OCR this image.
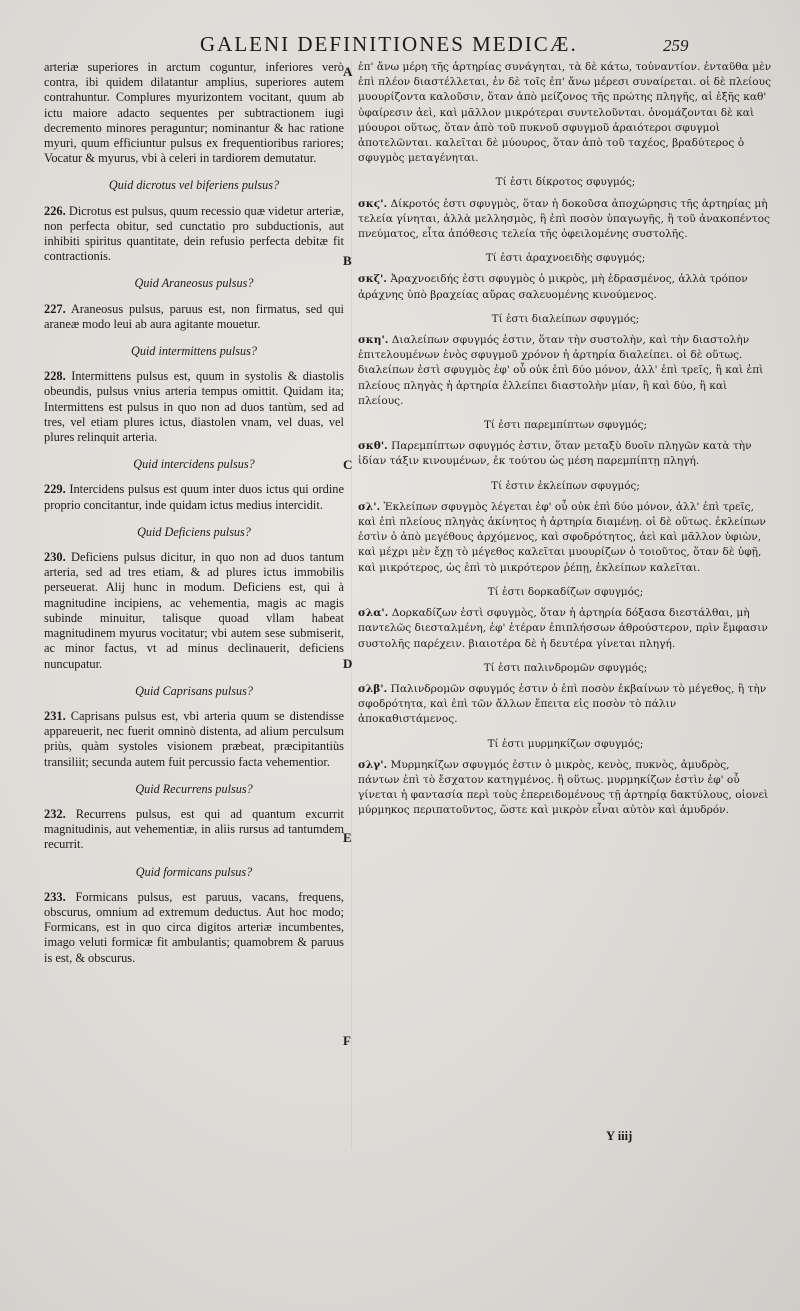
GALENI DEFINITIONES MEDICÆ.	259

arteriæ superiores in arctum coguntur, inferiores verò contra, ibi quidem dilatantur amplius, superiores autem contrahuntur. Complures myurizontem vocitant, quum ab ictu maiore adacto sequentes per subtractionem iugi decremento minores peraguntur; nominantur & hac ratione myuri, quum efficiuntur pulsus ex frequentioribus rariores; Vocatur & myurus, vbi à celeri in tardiorem demutatur.

Quid dicrotus vel biferiens pulsus?

226. Dicrotus est pulsus, quum recessio quæ videtur arteriæ, non perfecta obitur, sed cunctatio pro subductionis, aut inhibiti spiritus quantitate, dein refusio perfecta debitæ fit contractionis.

Quid Araneosus pulsus?

227. Araneosus pulsus, paruus est, non firmatus, sed qui araneæ modo leui ab aura agitante mouetur.

Quid intermittens pulsus?

228. Intermittens pulsus est, quum in systolis & diastolis obeundis, pulsus vnius arteria tempus omittit. Quidam ita; Intermittens est pulsus in quo non ad duos tantùm, sed ad tres, vel etiam plures ictus, diastolen vnam, vel duas, vel plures relinquit arteria.

Quid intercidens pulsus?

229. Intercidens pulsus est quum inter duos ictus qui ordine proprio concitantur, inde quidam ictus medius intercidit.

Quid Deficiens pulsus?

230. Deficiens pulsus dicitur, in quo non ad duos tantum arteria, sed ad tres etiam, & ad plures ictus immobilis perseuerat. Alij hunc in modum. Deficiens est, qui à magnitudine incipiens, ac vehementia, magis ac magis subinde minuitur, talisque quoad vllam habeat magnitudinem myurus vocitatur; vbi autem sese submiserit, ac minor factus, vt ad minus declinauerit, deficiens nuncupatur.

Quid Caprisans pulsus?

231. Caprisans pulsus est, vbi arteria quum se distendisse appareuerit, nec fuerit omninò distenta, ad alium perculsum priùs, quàm systoles visionem præbeat, præcipitantiùs transiliit; secunda autem fuit percussio facta vehementior.

Quid Recurrens pulsus?

232. Recurrens pulsus, est qui ad quantum excurrit magnitudinis, aut vehementiæ, in aliis rursus ad tantumdem recurrit.

Quid formicans pulsus?

233. Formicans pulsus, est paruus, vacans, frequens, obscurus, omnium ad extremum deductus. Aut hoc modo; Formicans, est in quo circa digitos arteriæ incumbentes, imago veluti formicæ fit ambulantis; quamobrem & paruus is est, & obscurus.

A
B
C
D
E
F

ἐπ' ἄνω μέρη τῆς ἀρτηρίας συνάγηται, τὰ δὲ κάτω, τοὐναντίον. ἐνταῦθα μὲν ἐπὶ πλέον διαστέλλεται, ἐν δὲ τοῖς ἐπ' ἄνω μέρεσι συναίρεται. οἱ δὲ πλείους μυουρίζοντα καλοῦσιν, ὅταν ἀπὸ μείζονος τῆς πρώτης πληγῆς, αἱ ἑξῆς καθ' ὑφαίρεσιν ἀεὶ, καὶ μᾶλλον μικρότεραι συντελοῦνται. ὀνομάζονται δὲ καὶ μύουροι οὕτως, ὅταν ἀπὸ τοῦ πυκνοῦ σφυγμοῦ ἀραιότεροι σφυγμοὶ ἀποτελῶνται. καλεῖται δὲ μύουρος, ὅταν ἀπὸ τοῦ ταχέος, βραδύτερος ὁ σφυγμὸς μεταγένηται.

Τί ἐστι δίκροτος σφυγμός;

σκϛ'. Δίκροτός ἐστι σφυγμὸς, ὅταν ἡ δοκοῦσα ἀποχώρησις τῆς ἀρτηρίας μὴ τελεία γίνηται, ἀλλὰ μελλησμὸς, ἢ ἐπὶ ποσὸν ὑπαγωγῆς, ἢ τοῦ ἀνακοπέντος πνεύματος, εἶτα ἀπόθεσις τελεία τῆς ὀφειλομένης συστολῆς.

Τί ἐστι ἀραχνοειδὴς σφυγμός;

σκζ'. Ἀραχνοειδής ἐστι σφυγμὸς ὁ μικρὸς, μὴ ἑδρασμένος, ἀλλὰ τρόπον ἀράχνης ὑπὸ βραχείας αὔρας σαλευομένης κινούμενος.

Τί ἐστι διαλείπων σφυγμός;

σκη'. Διαλείπων σφυγμός ἐστιν, ὅταν τὴν συστολὴν, καὶ τὴν διαστολὴν ἐπιτελουμένων ἑνὸς σφυγμοῦ χρόνον ἡ ἀρτηρία διαλείπει. οἱ δὲ οὕτως. διαλείπων ἐστὶ σφυγμὸς ἐφ' οὗ οὐκ ἐπὶ δύο μόνον, ἀλλ' ἐπὶ τρεῖς, ἢ καὶ ἐπὶ πλείους πληγὰς ἡ ἀρτηρία ἐλλείπει διαστολὴν μίαν, ἢ καὶ δύο, ἢ καὶ πλείους.

Τί ἐστι παρεμπίπτων σφυγμός;

σκθ'. Παρεμπίπτων σφυγμός ἐστιν, ὅταν μεταξὺ δυοῖν πληγῶν κατὰ τὴν ἰδίαν τάξιν κινουμένων, ἐκ τούτου ὡς μέση παρεμπίπτῃ πληγή.

Τί ἐστιν ἐκλείπων σφυγμός;

σλ'. Ἐκλείπων σφυγμὸς λέγεται ἐφ' οὗ οὐκ ἐπὶ δύο μόνον, ἀλλ' ἐπὶ τρεῖς, καὶ ἐπὶ πλείους πληγὰς ἀκίνητος ἡ ἀρτηρία διαμένῃ. οἱ δὲ οὕτως. ἐκλείπων ἐστὶν ὁ ἀπὸ μεγέθους ἀρχόμενος, καὶ σφοδρότητος, ἀεὶ καὶ μᾶλλον ὑφιὼν, καὶ μέχρι μὲν ἔχῃ τὸ μέγεθος καλεῖται μυουρίζων ὁ τοιοῦτος, ὅταν δὲ ὑφῇ, καὶ μικρότερος, ὡς ἐπὶ τὸ μικρότερον ῥέπῃ, ἐκλείπων καλεῖται.

Τί ἐστι δορκαδίζων σφυγμός;

σλα'. Δορκαδίζων ἐστὶ σφυγμὸς, ὅταν ἡ ἀρτηρία δόξασα διεστάλθαι, μὴ παντελῶς διεσταλμένη, ἐφ' ἑτέραν ἐπιπλήσσων ἀθρούστερον, πρὶν ἔμφασιν συστολῆς παρέχειν. βιαιοτέρα δὲ ἡ δευτέρα γίνεται πληγή.

Τί ἐστι παλινδρομῶν σφυγμός;

σλβ'. Παλινδρομῶν σφυγμός ἐστιν ὁ ἐπὶ ποσὸν ἐκβαίνων τὸ μέγεθος, ἢ τὴν σφοδρότητα, καὶ ἐπὶ τῶν ἄλλων ἔπειτα εἰς ποσὸν τὸ πάλιν ἀποκαθιστάμενος.

Τί ἐστι μυρμηκίζων σφυγμός;

σλγ'. Μυρμηκίζων σφυγμός ἐστιν ὁ μικρὸς, κενὸς, πυκνὸς, ἀμυδρὸς, πάντων ἐπὶ τὸ ἔσχατον κατηγμένος. ἢ οὕτως. μυρμηκίζων ἐστὶν ἐφ' οὗ γίνεται ἡ φαντασία περὶ τοὺς ἐπερειδομένους τῇ ἀρτηρίᾳ δακτύλους, οἱονεὶ μύρμηκος περιπατοῦντος, ὥστε καὶ μικρὸν εἶναι αὐτὸν καὶ ἀμυδρόν.

Y iiij
